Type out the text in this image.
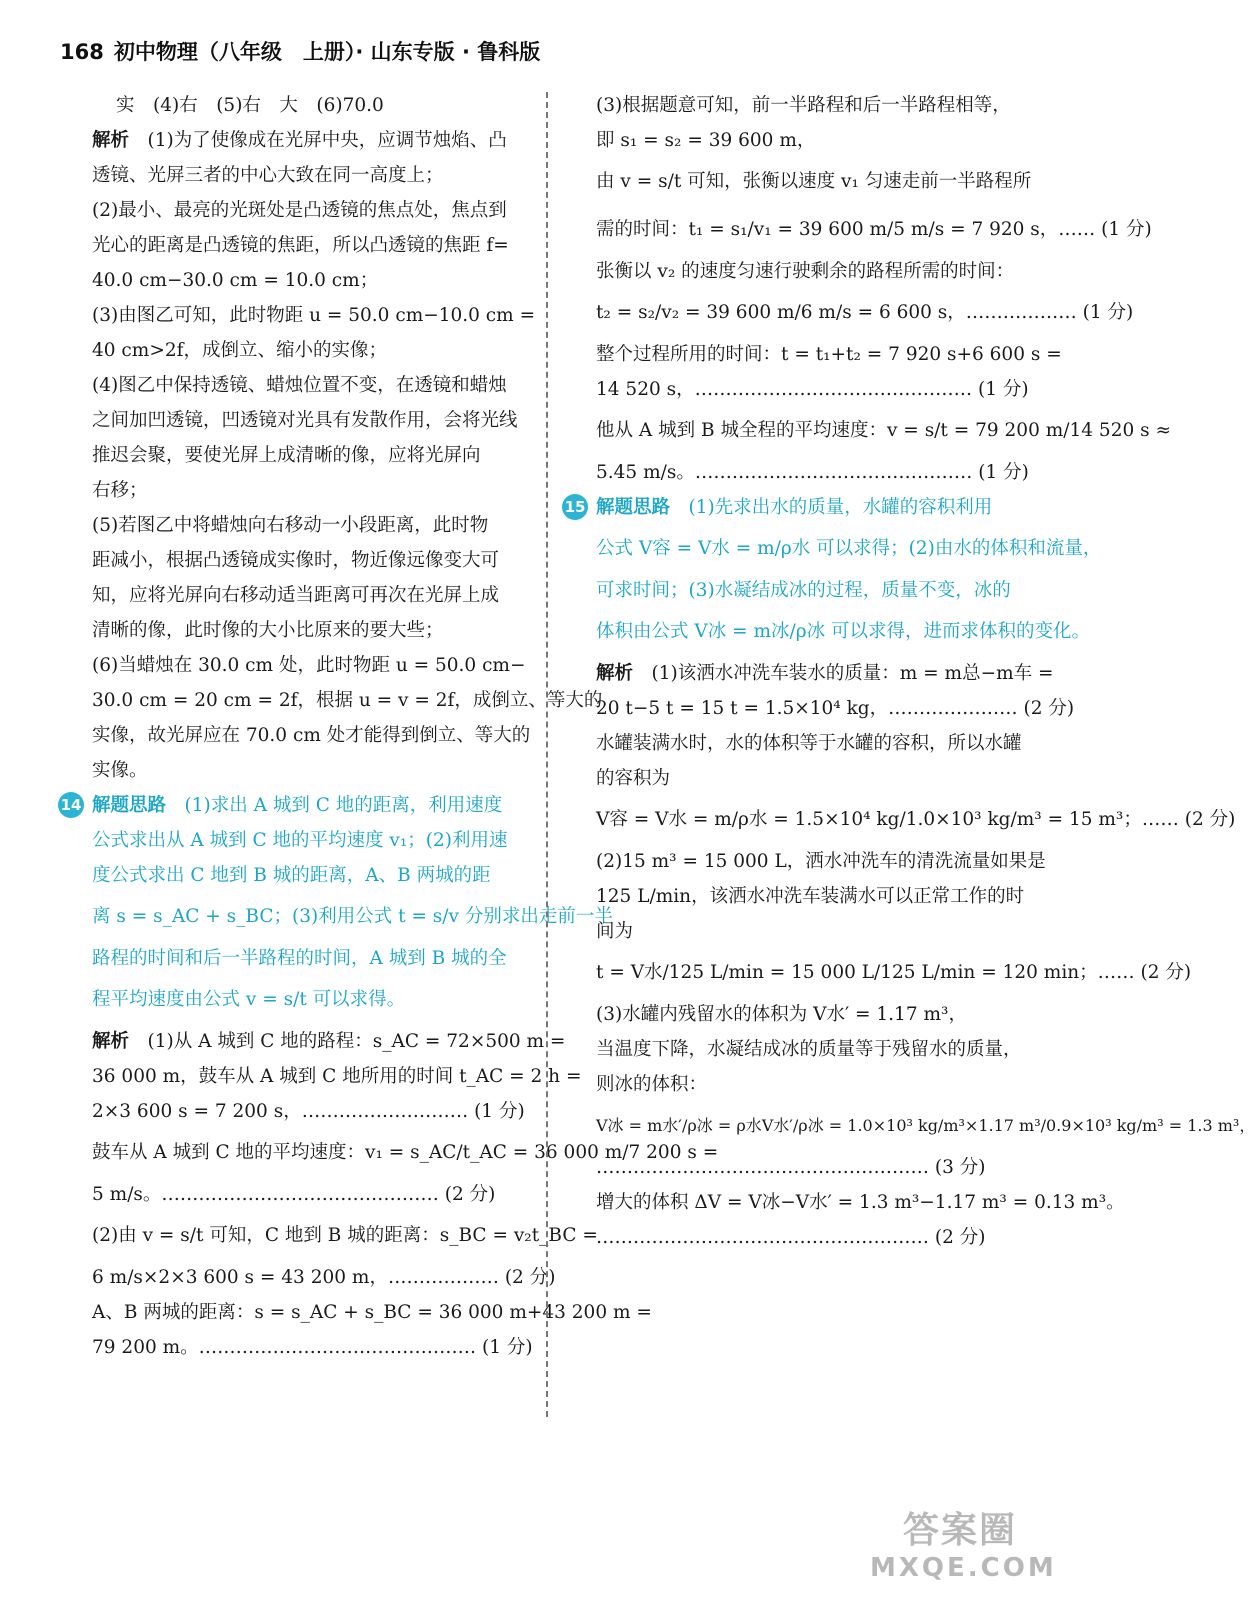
168 初中物理（八年级　上册）· 山东专版 · 鲁科版

实　(4)右　(5)右　大　(6)70.0

解析　(1)为了使像成在光屏中央，应调节烛焰、凸

透镜、光屏三者的中心大致在同一高度上；

(2)最小、最亮的光斑处是凸透镜的焦点处，焦点到

光心的距离是凸透镜的焦距，所以凸透镜的焦距 f=

40.0 cm−30.0 cm = 10.0 cm；

(3)由图乙可知，此时物距 u = 50.0 cm−10.0 cm =

40 cm>2f，成倒立、缩小的实像；

(4)图乙中保持透镜、蜡烛位置不变，在透镜和蜡烛

之间加凹透镜，凹透镜对光具有发散作用，会将光线

推迟会聚，要使光屏上成清晰的像，应将光屏向

右移；

(5)若图乙中将蜡烛向右移动一小段距离，此时物

距减小，根据凸透镜成实像时，物近像远像变大可

知，应将光屏向右移动适当距离可再次在光屏上成

清晰的像，此时像的大小比原来的要大些；

(6)当蜡烛在 30.0 cm 处，此时物距 u = 50.0 cm−

30.0 cm = 20 cm = 2f，根据 u = v = 2f，成倒立、等大的

实像，故光屏应在 70.0 cm 处才能得到倒立、等大的

实像。

14 解题思路　(1)求出 A 城到 C 地的距离，利用速度

公式求出从 A 城到 C 地的平均速度 v₁；(2)利用速

度公式求出 C 地到 B 城的距离，A、B 两城的距

离 s = s_AC + s_BC；(3)利用公式 t = s/v 分别求出走前一半

路程的时间和后一半路程的时间，A 城到 B 城的全

程平均速度由公式 v = s/t 可以求得。

解析　(1)从 A 城到 C 地的路程：s_AC = 72×500 m =

36 000 m，鼓车从 A 城到 C 地所用的时间 t_AC = 2 h =

2×3 600 s = 7 200 s，……………………… (1 分)

鼓车从 A 城到 C 地的平均速度：v₁ = s_AC/t_AC = 36 000 m/7 200 s =

5 m/s。……………………………………… (2 分)

(2)由 v = s/t 可知，C 地到 B 城的距离：s_BC = v₂t_BC =

6 m/s×2×3 600 s = 43 200 m，……………… (2 分)

A、B 两城的距离：s = s_AC + s_BC = 36 000 m+43 200 m =

79 200 m。……………………………………… (1 分)

(3)根据题意可知，前一半路程和后一半路程相等，

即 s₁ = s₂ = 39 600 m，

由 v = s/t 可知，张衡以速度 v₁ 匀速走前一半路程所

需的时间：t₁ = s₁/v₁ = 39 600 m/5 m/s = 7 920 s，…… (1 分)

张衡以 v₂ 的速度匀速行驶剩余的路程所需的时间：

t₂ = s₂/v₂ = 39 600 m/6 m/s = 6 600 s，……………… (1 分)

整个过程所用的时间：t = t₁+t₂ = 7 920 s+6 600 s =

14 520 s，……………………………………… (1 分)

他从 A 城到 B 城全程的平均速度：v = s/t = 79 200 m/14 520 s ≈

5.45 m/s。……………………………………… (1 分)

15 解题思路　(1)先求出水的质量，水罐的容积利用

公式 V容 = V水 = m/ρ水 可以求得；(2)由水的体积和流量，

可求时间；(3)水凝结成冰的过程，质量不变，冰的

体积由公式 V冰 = m冰/ρ冰 可以求得，进而求体积的变化。

解析　(1)该洒水冲洗车装水的质量：m = m总−m车 =

20 t−5 t = 15 t = 1.5×10⁴ kg，………………… (2 分)

水罐装满水时，水的体积等于水罐的容积，所以水罐

的容积为

V容 = V水 = m/ρ水 = 1.5×10⁴ kg/1.0×10³ kg/m³ = 15 m³；…… (2 分)

(2)15 m³ = 15 000 L，洒水冲洗车的清洗流量如果是

125 L/min，该洒水冲洗车装满水可以正常工作的时

间为

t = V水/125 L/min = 15 000 L/125 L/min = 120 min；…… (2 分)

(3)水罐内残留水的体积为 V水′ = 1.17 m³，

当温度下降，水凝结成冰的质量等于残留水的质量，

则冰的体积：

V冰 = m水′/ρ冰 = ρ水V水′/ρ冰 = 1.0×10³ kg/m³×1.17 m³/0.9×10³ kg/m³ = 1.3 m³，

……………………………………………… (3 分)

增大的体积 ΔV = V冰−V水′ = 1.3 m³−1.17 m³ = 0.13 m³。

……………………………………………… (2 分)

答案圈
MXQE.COM
